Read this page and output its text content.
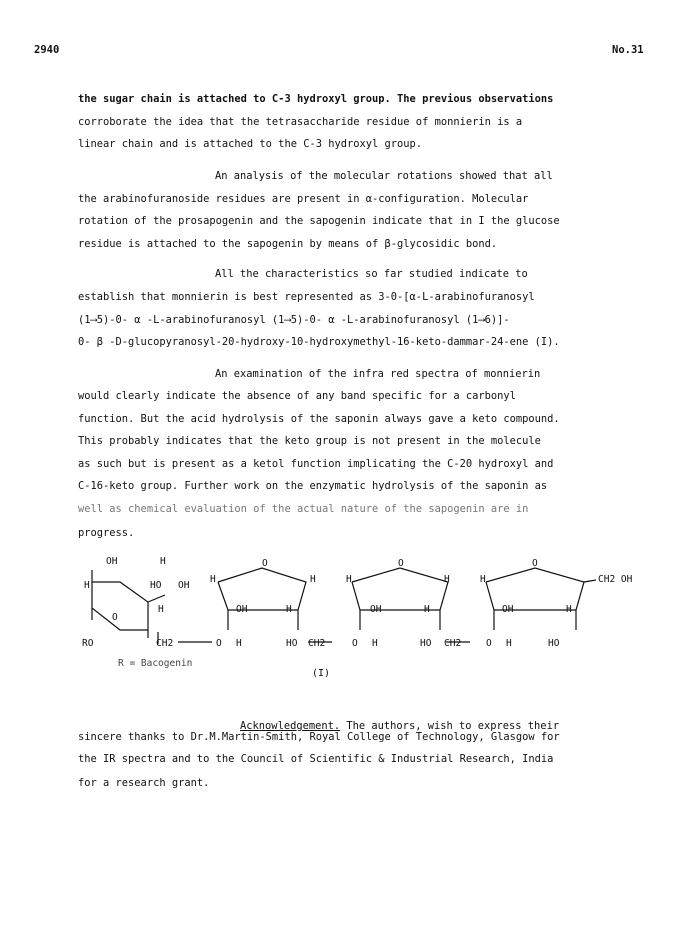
2940	No.31
the sugar chain is attached to C-3 hydroxyl group. The previous observations
corroborate the idea that the tetrasaccharide residue of monnierin is a
linear chain and is attached to the C-3 hydroxyl group.
An analysis of the molecular rotations showed that all
the arabinofuranoside residues are present in α-configuration. Molecular
rotation of the prosapogenin and the sapogenin indicate that in I the glucose
residue is attached to the sapogenin by means of β-glycosidic bond.
All the characteristics so far studied indicate to
establish that monnierin is best represented as 3-0-[α-L-arabinofuranosyl
(1⟶5)-0- α -L-arabinofuranosyl (1⟶5)-0- α -L-arabinofuranosyl (1⟶6)]-
0- β -D-glucopyranosyl-20-hydroxy-10-hydroxymethyl-16-keto-dammar-24-ene (I).
An examination of the infra red spectra of monnierin
would clearly indicate the absence of any band specific for a carbonyl
function. But the acid hydrolysis of the saponin always gave a keto compound.
This probably indicates that the keto group is not present in the molecule
as such but is present as a ketol function implicating the C-20 hydroxyl and
C-16-keto group. Further work on the enzymatic hydrolysis of the saponin as
well as chemical evaluation of the actual nature of the sapogenin are in
progress.
OH	H
H	HO OH
H
O
RO	CH2	O H
H
O
H
OH	H
HO CH2	O H
H
O
H
OH	H
HO CH2	O H
H
O
CH2 OH
OH	H
HO
R = Bacogenin
(I)

Acknowledgement. The authors, wish to express their

sincere thanks to Dr.M.Martin-Smith, Royal College of Technology, Glasgow for
the IR spectra and to the Council of Scientific & Industrial Research, India
for a research grant.
